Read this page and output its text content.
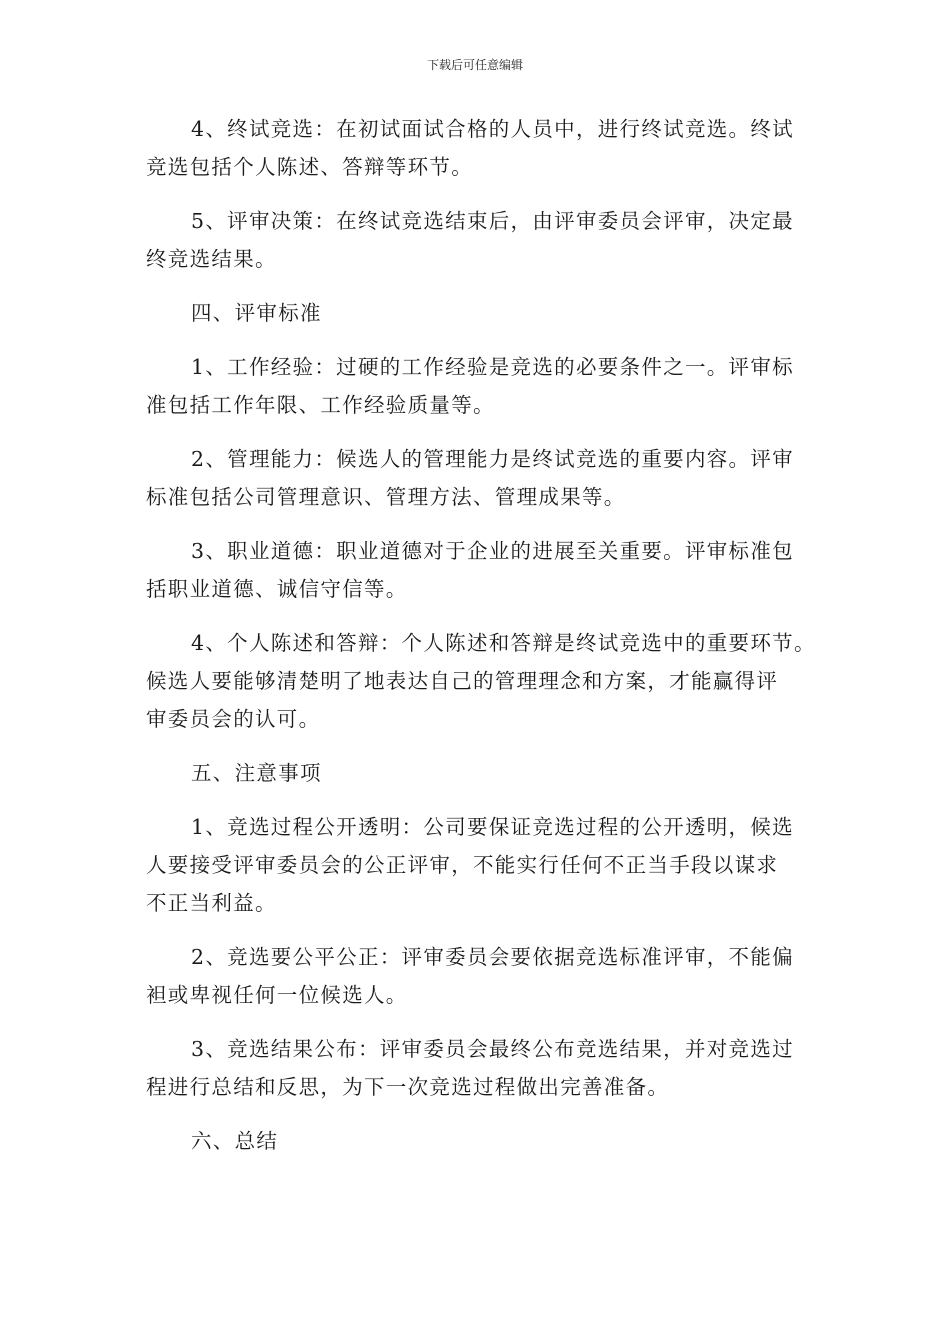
下载后可任意编辑

4、终试竞选：在初试面试合格的人员中，进行终试竞选。终试
竞选包括个人陈述、答辩等环节。

5、评审决策：在终试竞选结束后，由评审委员会评审，决定最
终竞选结果。

四、评审标准

1、工作经验：过硬的工作经验是竞选的必要条件之一。评审标
准包括工作年限、工作经验质量等。

2、管理能力：候选人的管理能力是终试竞选的重要内容。评审
标准包括公司管理意识、管理方法、管理成果等。

3、职业道德：职业道德对于企业的进展至关重要。评审标准包
括职业道德、诚信守信等。

4、个人陈述和答辩：个人陈述和答辩是终试竞选中的重要环节。
候选人要能够清楚明了地表达自己的管理理念和方案，才能赢得评
审委员会的认可。

五、注意事项

1、竞选过程公开透明：公司要保证竞选过程的公开透明，候选
人要接受评审委员会的公正评审，不能实行任何不正当手段以谋求
不正当利益。

2、竞选要公平公正：评审委员会要依据竞选标准评审，不能偏
袒或卑视任何一位候选人。

3、竞选结果公布：评审委员会最终公布竞选结果，并对竞选过
程进行总结和反思，为下一次竞选过程做出完善准备。

六、总结
